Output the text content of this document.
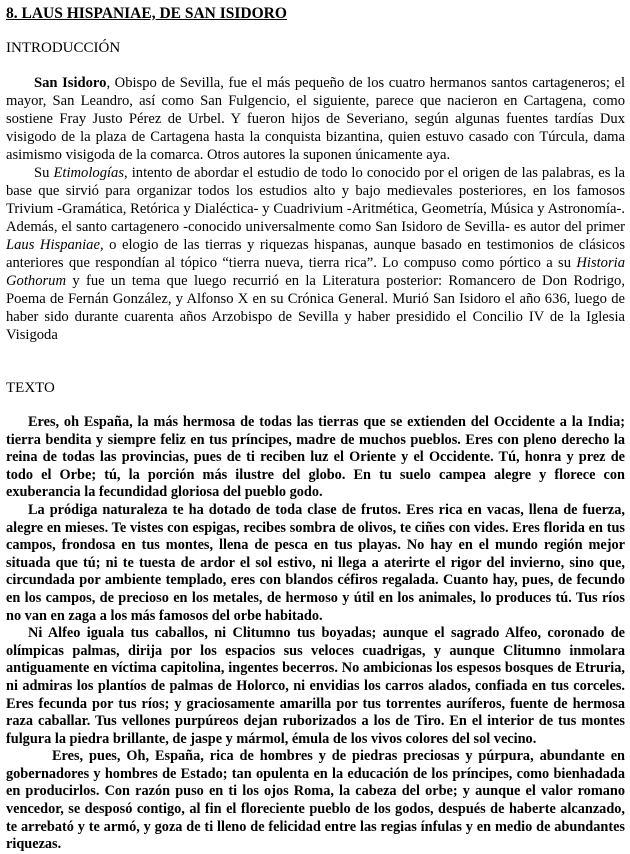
8. LAUS HISPANIAE, DE SAN ISIDORO
INTRODUCCIÓN

San Isidoro, Obispo de Sevilla, fue el más pequeño de los cuatro hermanos santos cartageneros; el mayor, San Leandro, así como San Fulgencio, el siguiente, parece que nacieron en Cartagena, como sostiene Fray Justo Pérez de Urbel. Y fueron hijos de Severiano, según algunas fuentes tardías Dux visigodo de la plaza de Cartagena hasta la conquista bizantina, quien estuvo casado con Túrcula, dama asimismo visigoda de la comarca. Otros autores la suponen únicamente aya.

Su Etimologías, intento de abordar el estudio de todo lo conocido por el origen de las palabras, es la base que sirvió para organizar todos los estudios alto y bajo medievales posteriores, en los famosos Trivium -Gramática, Retórica y Dialéctica- y Cuadrivium -Aritmética, Geometría, Música y Astronomía-. Además, el santo cartagenero -conocido universalmente como San Isidoro de Sevilla- es autor del primer Laus Hispaniae, o elogio de las tierras y riquezas hispanas, aunque basado en testimonios de clásicos anteriores que respondían al tópico “tierra nueva, tierra rica”. Lo compuso como pórtico a su Historia Gothorum y fue un tema que luego recurrió en la Literatura posterior: Romancero de Don Rodrigo, Poema de Fernán González, y Alfonso X en su Crónica General. Murió San Isidoro el año 636, luego de haber sido durante cuarenta años Arzobispo de Sevilla y haber presidido el Concilio IV de la Iglesia Visigoda

TEXTO

Eres, oh España, la más hermosa de todas las tierras que se extienden del Occidente a la India; tierra bendita y siempre feliz en tus príncipes, madre de muchos pueblos. Eres con pleno derecho la reina de todas las provincias, pues de ti reciben luz el Oriente y el Occidente. Tú, honra y prez de todo el Orbe; tú, la porción más ilustre del globo. En tu suelo campea alegre y florece con exuberancia la fecundidad gloriosa del pueblo godo.

La pródiga naturaleza te ha dotado de toda clase de frutos. Eres rica en vacas, llena de fuerza, alegre en mieses. Te vistes con espigas, recibes sombra de olivos, te ciñes con vides. Eres florida en tus campos, frondosa en tus montes, llena de pesca en tus playas. No hay en el mundo región mejor situada que tú; ni te tuesta de ardor el sol estivo, ni llega a aterirte el rigor del invierno, sino que, circundada por ambiente templado, eres con blandos céfiros regalada. Cuanto hay, pues, de fecundo en los campos, de precioso en los metales, de hermoso y útil en los animales, lo produces tú. Tus ríos no van en zaga a los más famosos del orbe habitado.

Ni Alfeo iguala tus caballos, ni Clitumno tus boyadas; aunque el sagrado Alfeo, coronado de olímpicas palmas, dirija por los espacios sus veloces cuadrigas, y aunque Clitumno inmolara antiguamente en víctima capitolina, ingentes becerros. No ambicionas los espesos bosques de Etruria, ni admiras los plantíos de palmas de Holorco, ni envidias los carros alados, confiada en tus corceles. Eres fecunda por tus ríos; y graciosamente amarilla por tus torrentes auríferos, fuente de hermosa raza caballar. Tus vellones purpúreos dejan ruborizados a los de Tiro. En el interior de tus montes fulgura la piedra brillante, de jaspe y mármol, émula de los vivos colores del sol vecino.

Eres, pues, Oh, España, rica de hombres y de piedras preciosas y púrpura, abundante en gobernadores y hombres de Estado; tan opulenta en la educación de los príncipes, como bienhadada en producirlos. Con razón puso en ti los ojos Roma, la cabeza del orbe; y aunque el valor romano vencedor, se desposó contigo, al fin el floreciente pueblo de los godos, después de haberte alcanzado, te arrebató y te armó, y goza de ti lleno de felicidad entre las regias ínfulas y en medio de abundantes riquezas.
